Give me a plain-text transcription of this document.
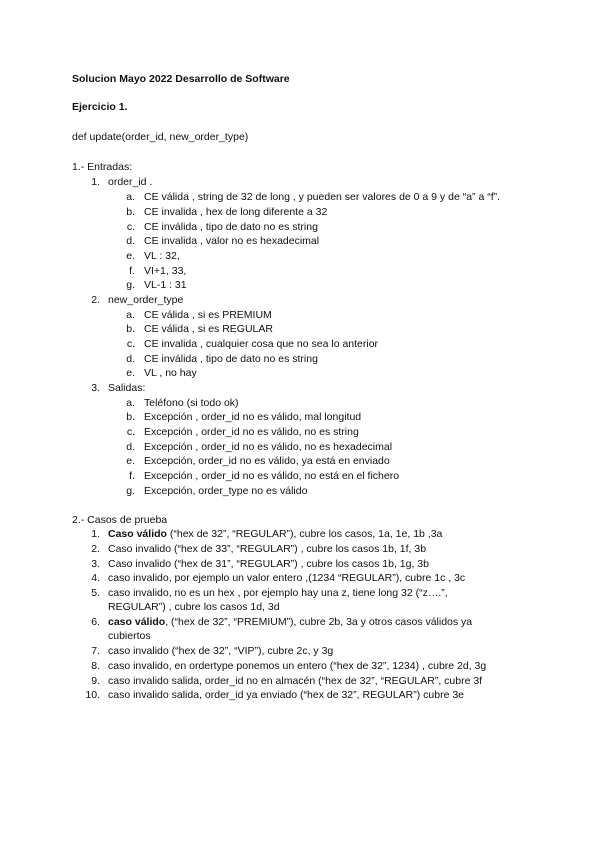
Solucion Mayo 2022 Desarrollo de Software
Ejercicio 1.
def update(order_id, new_order_type)
1.- Entradas:
1. order_id .
a. CE válida , string de 32 de long , y pueden ser valores de 0 a 9 y de “a” a “f”.
b. CE invalida , hex de long diferente a 32
c. CE inválida , tipo de dato no es string
d. CE invalida , valor no es hexadecimal
e. VL : 32,
f. VI+1, 33,
g. VL-1 : 31
2. new_order_type
a. CE válida , si es PREMIUM
b. CE válida , si es REGULAR
c. CE invalida , cualquier cosa que no sea lo anterior
d. CE inválida , tipo de dato no es string
e. VL , no hay
3. Salidas:
a. Teléfono (si todo ok)
b. Excepción , order_id no es válido, mal longitud
c. Excepción , order_id no es válido, no es string
d. Excepción , order_id no es válido, no es hexadecimal
e. Excepción, order_id no es válido, ya está en enviado
f. Excepción , order_id no es válido, no está en el fichero
g. Excepción, order_type no es válido
2.- Casos de prueba
1. Caso válido (“hex de 32”, “REGULAR”), cubre los casos, 1a, 1e, 1b ,3a
2. Caso invalido (“hex de 33”, “REGULAR”) , cubre los casos 1b, 1f, 3b
3. Caso invalido (“hex de 31”, “REGULAR”) , cubre los casos 1b, 1g, 3b
4. caso invalido, por ejemplo un valor entero ,(1234 “REGULAR”), cubre 1c , 3c
5. caso invalido, no es un hex , por ejemplo hay una z, tiene long 32 (“z….”,
REGULAR”) , cubre los casos 1d, 3d
6. caso válido, (“hex de 32”, “PREMIUM”), cubre 2b, 3a y otros casos válidos ya
cubiertos
7. caso invalido (“hex de 32”, “VIP”), cubre 2c, y 3g
8. caso invalido, en ordertype ponemos un entero (“hex de 32”, 1234) , cubre 2d, 3g
9. caso invalido salida, order_id no en almacén (“hex de 32”, “REGULAR”, cubre 3f
10. caso invalido salida, order_id ya enviado (“hex de 32”, REGULAR”) cubre 3e
